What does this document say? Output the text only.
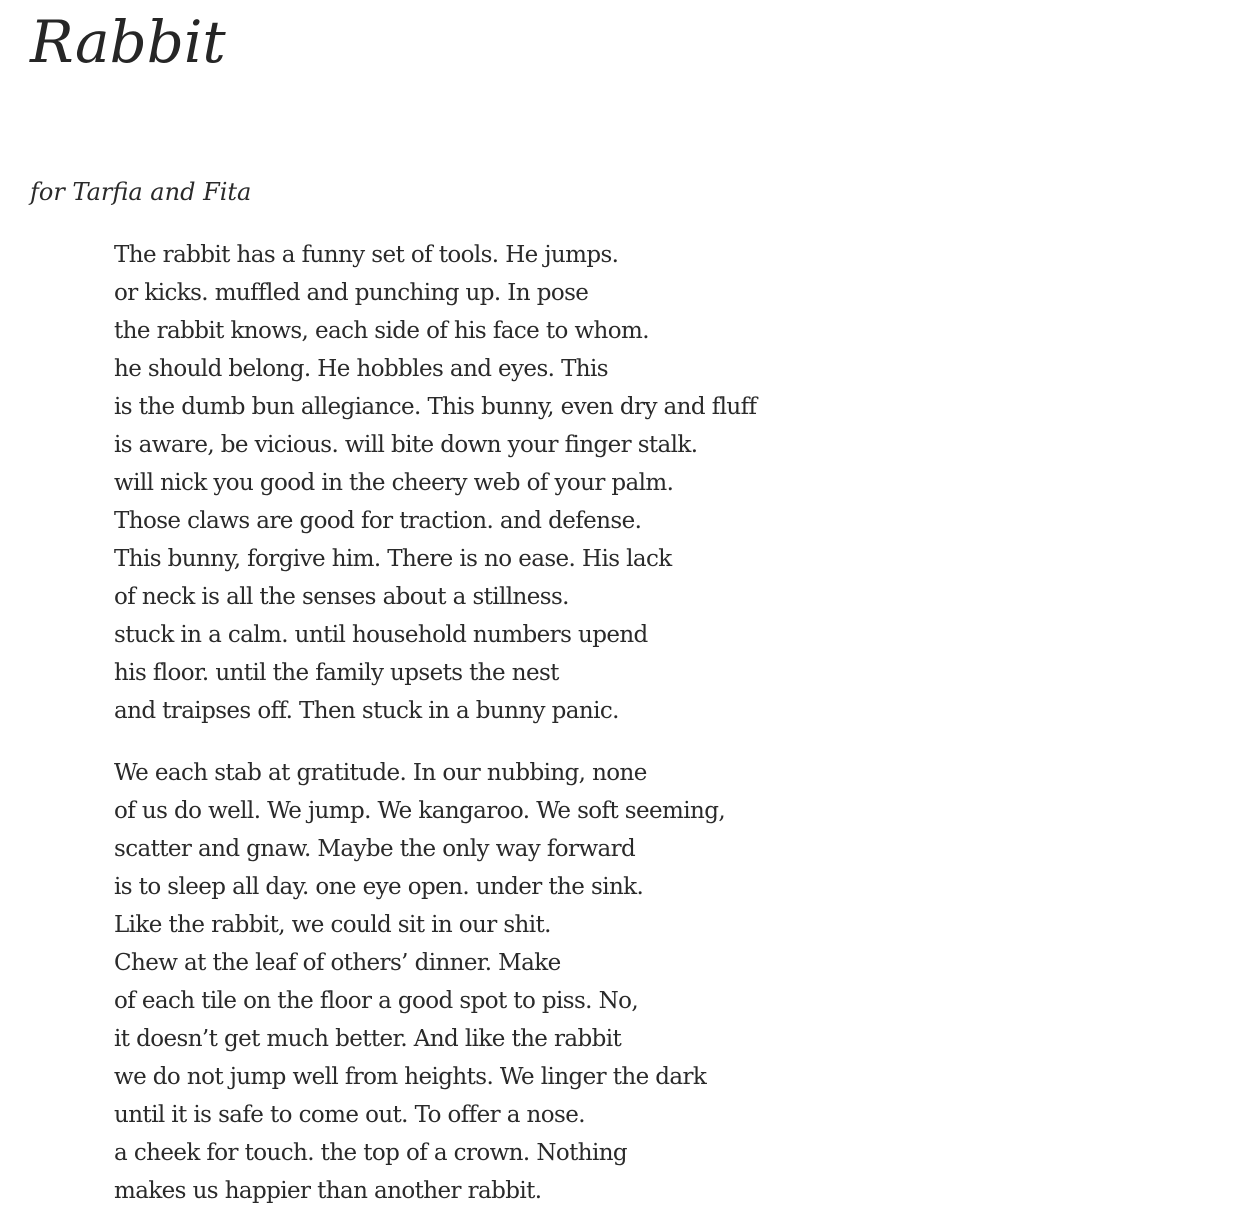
Rabbit

for Tarfia and Fita

The rabbit has a funny set of tools. He jumps.
or kicks. muffled and punching up. In pose
the rabbit knows, each side of his face to whom.
he should belong. He hobbles and eyes. This
is the dumb bun allegiance. This bunny, even dry and fluff
is aware, be vicious. will bite down your finger stalk.
will nick you good in the cheery web of your palm.
Those claws are good for traction. and defense.
This bunny, forgive him. There is no ease. His lack
of neck is all the senses about a stillness.
stuck in a calm. until household numbers upend
his floor. until the family upsets the nest
and traipses off. Then stuck in a bunny panic.
We each stab at gratitude. In our nubbing, none
of us do well. We jump. We kangaroo. We soft seeming,
scatter and gnaw. Maybe the only way forward
is to sleep all day. one eye open. under the sink.
Like the rabbit, we could sit in our shit.
Chew at the leaf of others’ dinner. Make
of each tile on the floor a good spot to piss. No,
it doesn’t get much better. And like the rabbit
we do not jump well from heights. We linger the dark
until it is safe to come out. To offer a nose.
a cheek for touch. the top of a crown. Nothing
makes us happier than another rabbit.
